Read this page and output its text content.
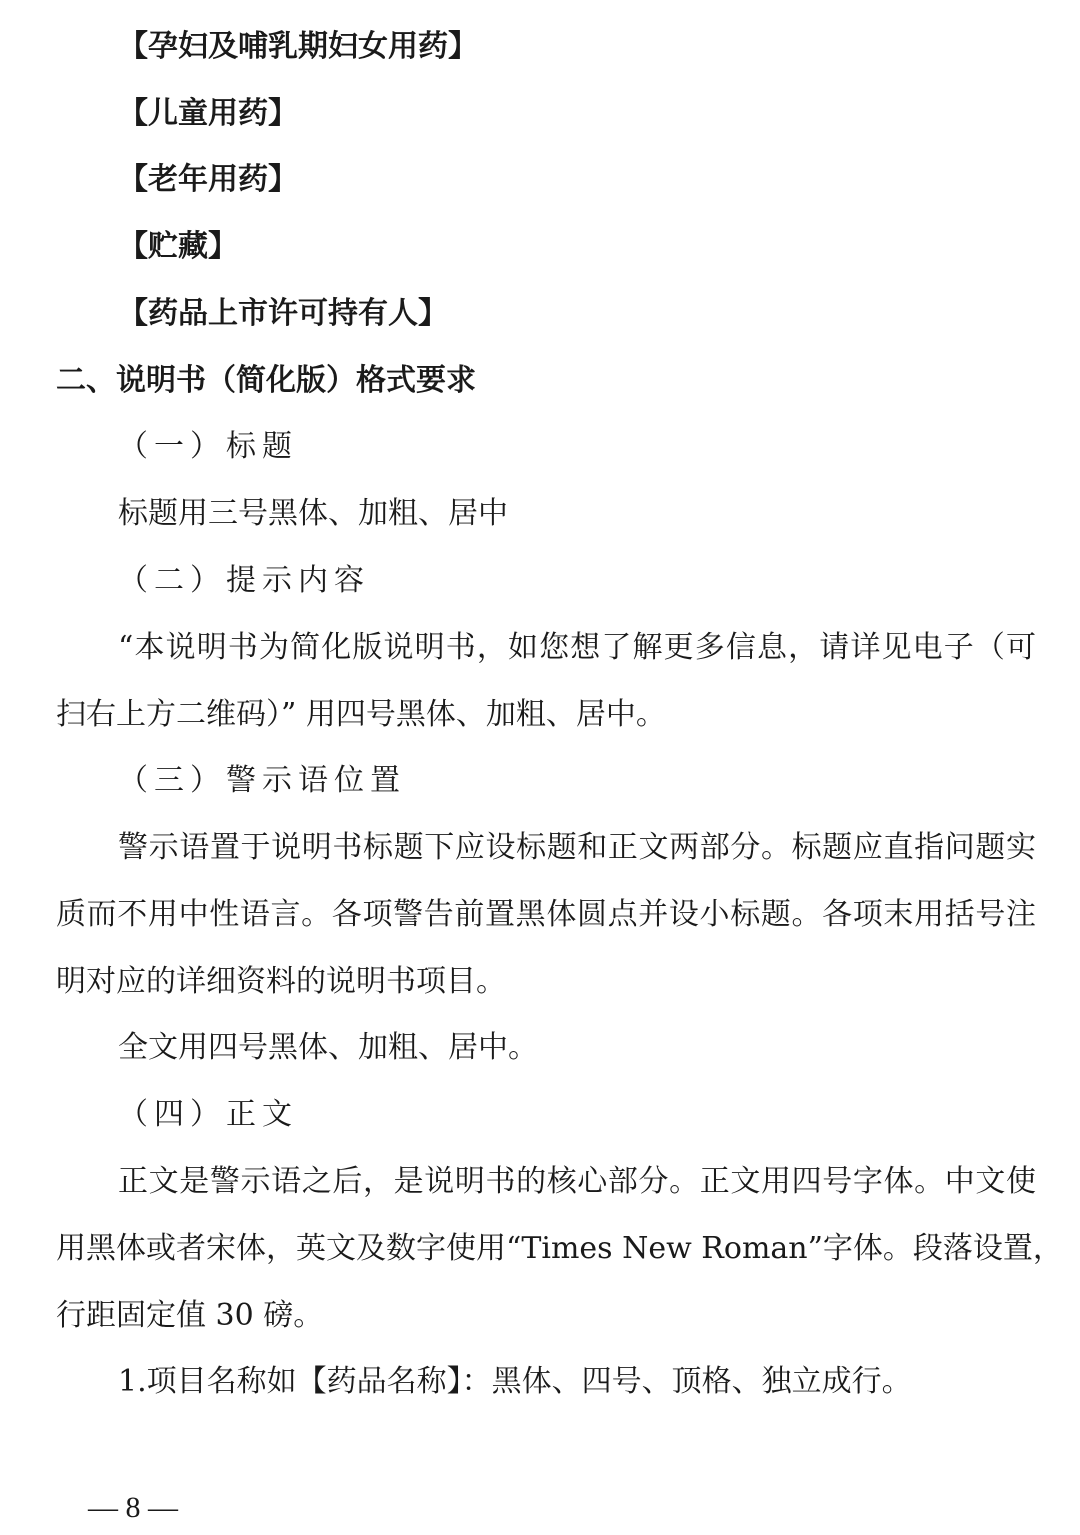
【孕妇及哺乳期妇女用药】
【儿童用药】
【老年用药】
【贮藏】
【药品上市许可持有人】
二、说明书（简化版）格式要求
（一）标题
标题用三号黑体、加粗、居中
（二）提示内容
“本说明书为简化版说明书，如您想了解更多信息，请详见电子（可
扫右上方二维码）” 用四号黑体、加粗、居中。
（三）警示语位置
警示语置于说明书标题下应设标题和正文两部分。标题应直指问题实
质而不用中性语言。各项警告前置黑体圆点并设小标题。各项末用括号注
明对应的详细资料的说明书项目。
全文用四号黑体、加粗、居中。
（四）正文
正文是警示语之后，是说明书的核心部分。正文用四号字体。中文使
用黑体或者宋体，英文及数字使用“Times New Roman”字体。段落设置，
行距固定值 30 磅。
1.项目名称如【药品名称】：黑体、四号、顶格、独立成行。
— 8 —
